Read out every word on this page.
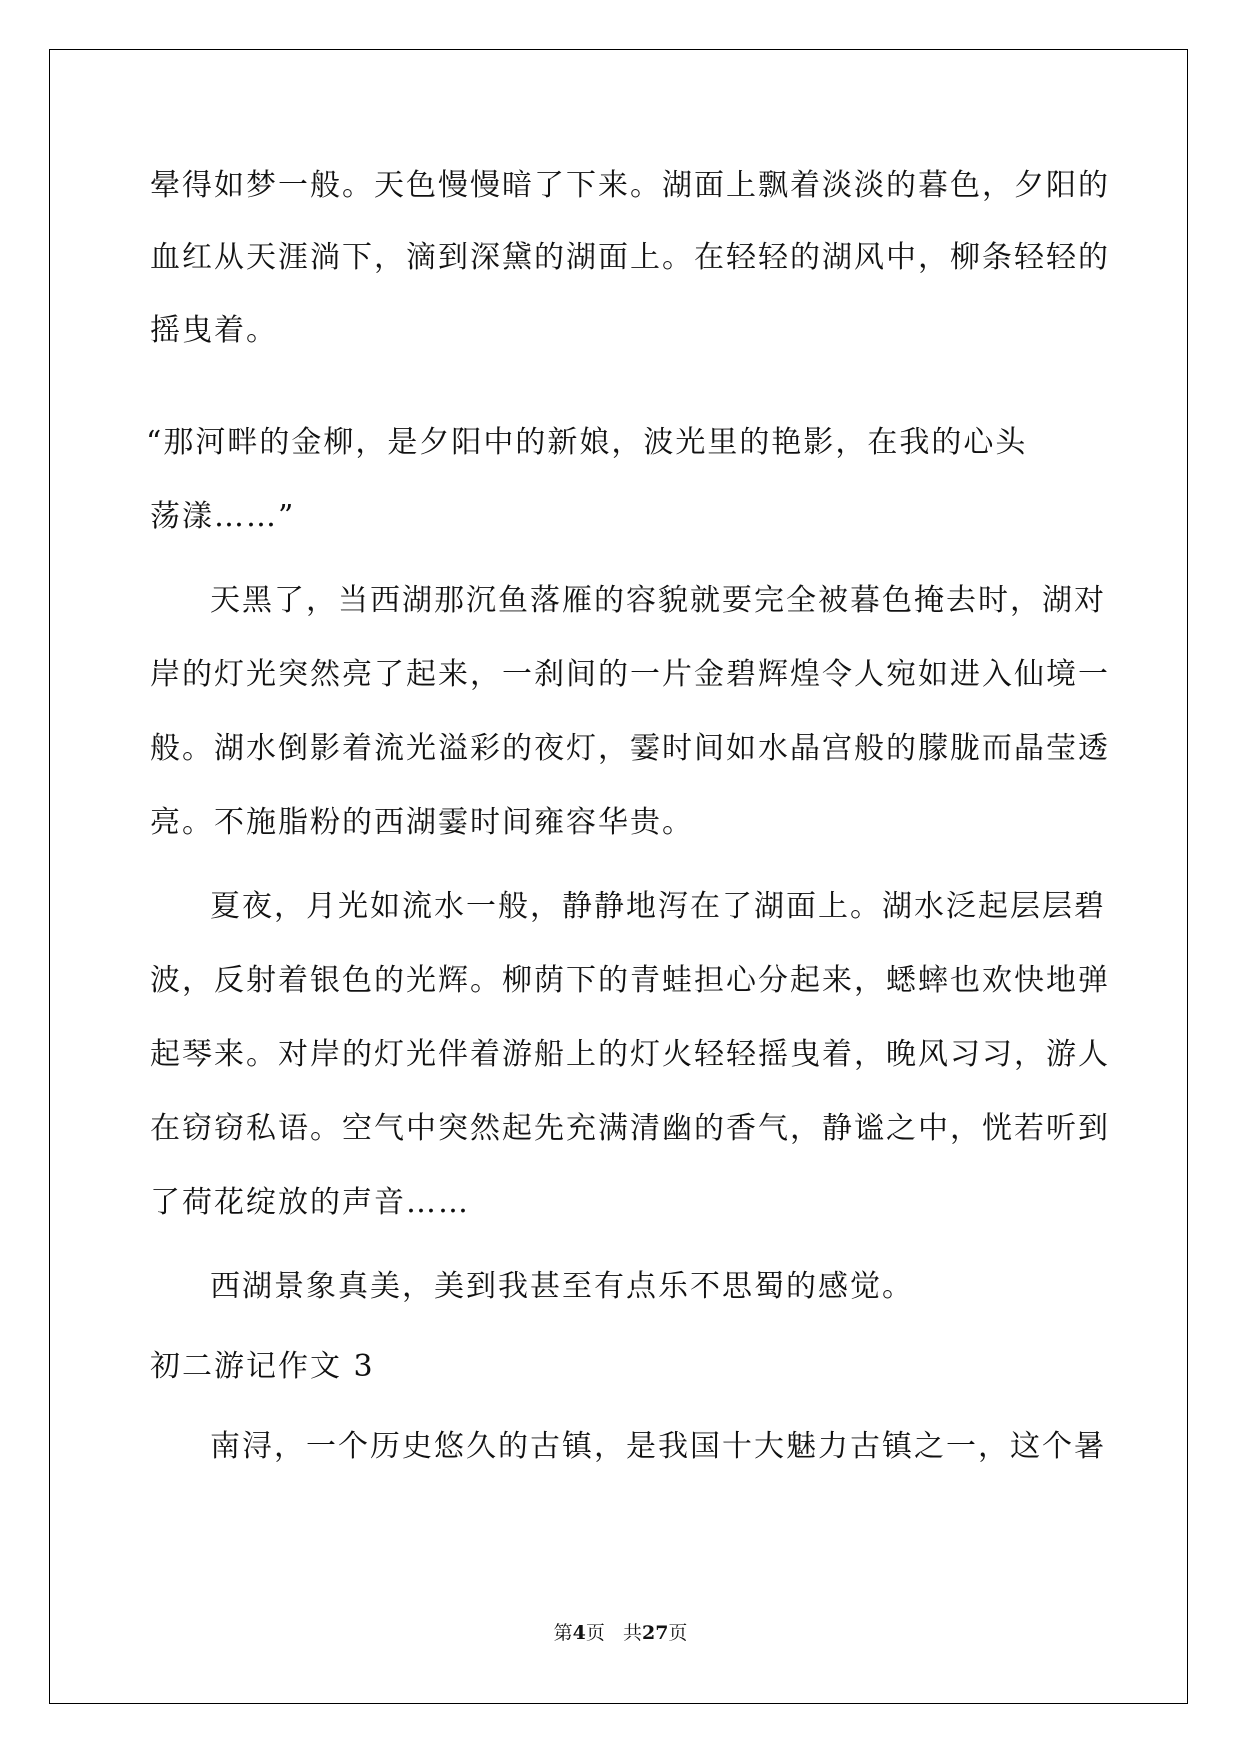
晕得如梦一般。天色慢慢暗了下来。湖面上飘着淡淡的暮色，夕阳的
血红从天涯淌下，滴到深黛的湖面上。在轻轻的湖风中，柳条轻轻的
摇曳着。
“那河畔的金柳，是夕阳中的新娘，波光里的艳影，在我的心头
荡漾……”
天黑了，当西湖那沉鱼落雁的容貌就要完全被暮色掩去时，湖对
岸的灯光突然亮了起来，一刹间的一片金碧辉煌令人宛如进入仙境一
般。湖水倒影着流光溢彩的夜灯，霎时间如水晶宫般的朦胧而晶莹透
亮。不施脂粉的西湖霎时间雍容华贵。
夏夜，月光如流水一般，静静地泻在了湖面上。湖水泛起层层碧
波，反射着银色的光辉。柳荫下的青蛙担心分起来，蟋蟀也欢快地弹
起琴来。对岸的灯光伴着游船上的灯火轻轻摇曳着，晚风习习，游人
在窃窃私语。空气中突然起先充满清幽的香气，静谧之中，恍若听到
了荷花绽放的声音……
西湖景象真美，美到我甚至有点乐不思蜀的感觉。
初二游记作文 3
南浔，一个历史悠久的古镇，是我国十大魅力古镇之一，这个暑
第4页 共27页
